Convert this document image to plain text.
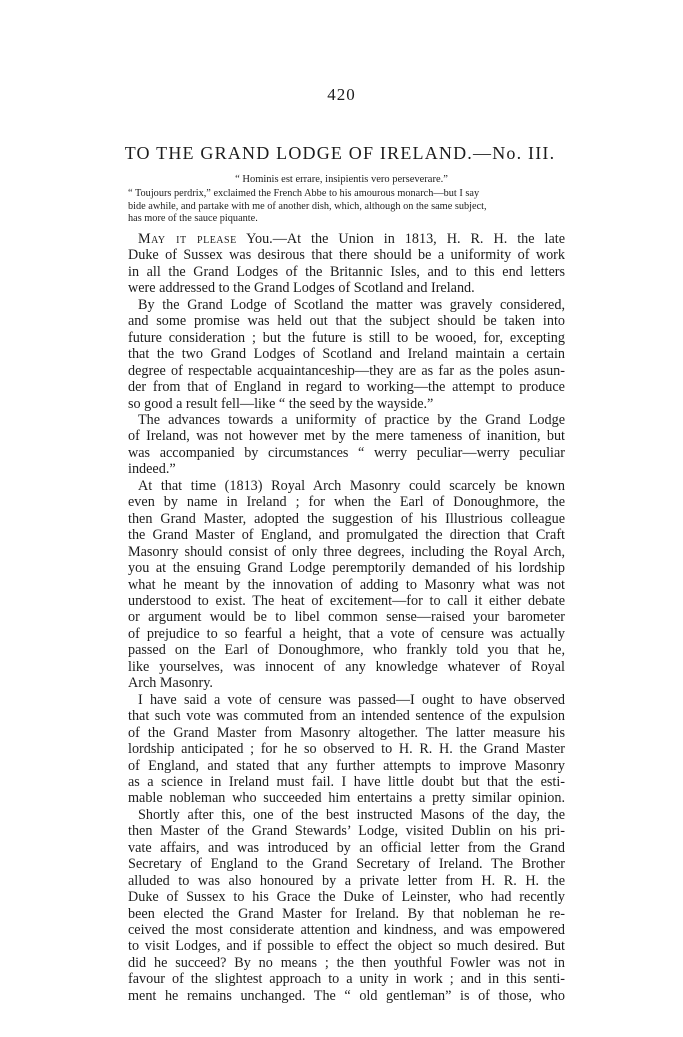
420
TO THE GRAND LODGE OF IRELAND.—No. III.
“ Hominis est errare, insipientis vero perseverare.”
“ Toujours perdrix,” exclaimed the French Abbe to his amourous monarch—but I say
bide awhile, and partake with me of another dish, which, although on the same subject,
has more of the sauce piquante.
May it please You.—At the Union in 1813, H. R. H. the late
Duke of Sussex was desirous that there should be a uniformity of work
in all the Grand Lodges of the Britannic Isles, and to this end letters
were addressed to the Grand Lodges of Scotland and Ireland.
By the Grand Lodge of Scotland the matter was gravely considered,
and some promise was held out that the subject should be taken into
future consideration ; but the future is still to be wooed, for, excepting
that the two Grand Lodges of Scotland and Ireland maintain a certain
degree of respectable acquaintanceship—they are as far as the poles asun-
der from that of England in regard to working—the attempt to produce
so good a result fell—like “ the seed by the wayside.”
The advances towards a uniformity of practice by the Grand Lodge
of Ireland, was not however met by the mere tameness of inanition, but
was accompanied by circumstances “ werry peculiar—werry peculiar
indeed.”
At that time (1813) Royal Arch Masonry could scarcely be known
even by name in Ireland ; for when the Earl of Donoughmore, the
then Grand Master, adopted the suggestion of his Illustrious colleague
the Grand Master of England, and promulgated the direction that Craft
Masonry should consist of only three degrees, including the Royal Arch,
you at the ensuing Grand Lodge peremptorily demanded of his lordship
what he meant by the innovation of adding to Masonry what was not
understood to exist. The heat of excitement—for to call it either debate
or argument would be to libel common sense—raised your barometer
of prejudice to so fearful a height, that a vote of censure was actually
passed on the Earl of Donoughmore, who frankly told you that he,
like yourselves, was innocent of any knowledge whatever of Royal
Arch Masonry.
I have said a vote of censure was passed—I ought to have observed
that such vote was commuted from an intended sentence of the expulsion
of the Grand Master from Masonry altogether. The latter measure his
lordship anticipated ; for he so observed to H. R. H. the Grand Master
of England, and stated that any further attempts to improve Masonry
as a science in Ireland must fail. I have little doubt but that the esti-
mable nobleman who succeeded him entertains a pretty similar opinion.
Shortly after this, one of the best instructed Masons of the day, the
then Master of the Grand Stewards’ Lodge, visited Dublin on his pri-
vate affairs, and was introduced by an official letter from the Grand
Secretary of England to the Grand Secretary of Ireland. The Brother
alluded to was also honoured by a private letter from H. R. H. the
Duke of Sussex to his Grace the Duke of Leinster, who had recently
been elected the Grand Master for Ireland. By that nobleman he re-
ceived the most considerate attention and kindness, and was empowered
to visit Lodges, and if possible to effect the object so much desired. But
did he succeed? By no means ; the then youthful Fowler was not in
favour of the slightest approach to a unity in work ; and in this senti-
ment he remains unchanged. The “ old gentleman” is of those, who
